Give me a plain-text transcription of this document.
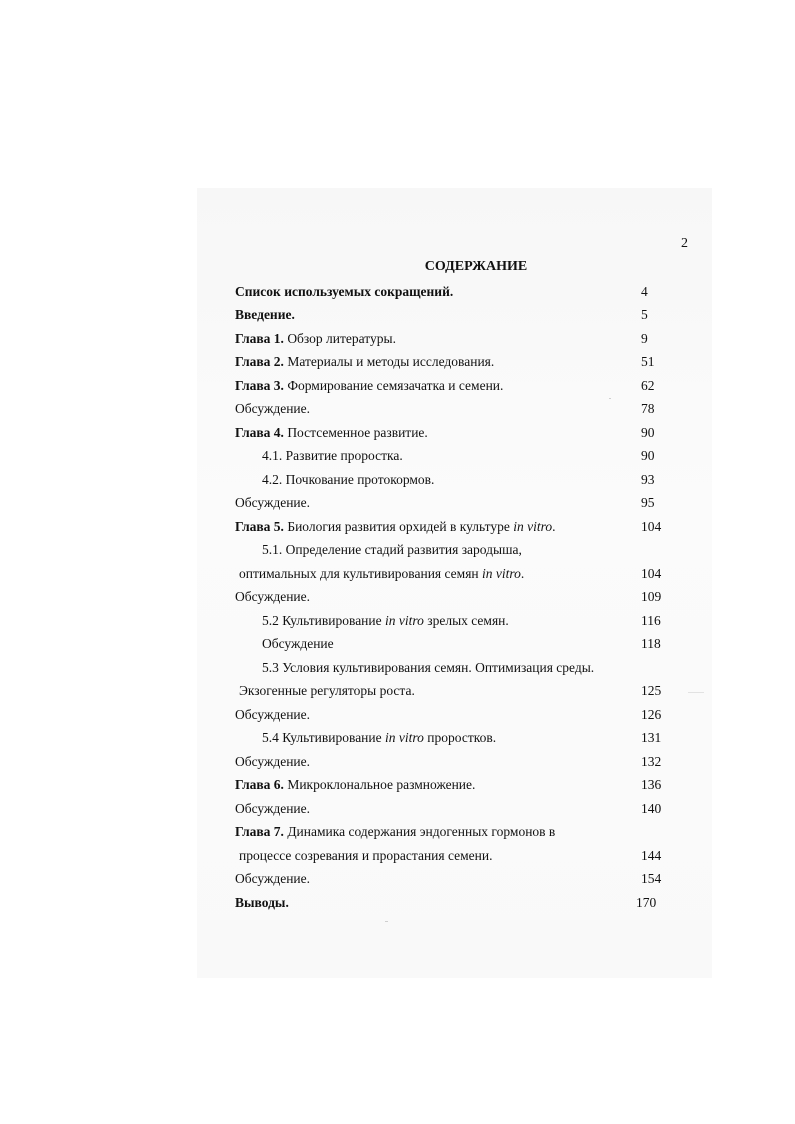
2
СОДЕРЖАНИЕ
Список используемых сокращений.	4
Введение.	5
Глава 1. Обзор литературы.	9
Глава 2. Материалы и методы исследования.	51
Глава 3. Формирование семязачатка и семени.	62
Обсуждение.	78
Глава 4. Постсеменное развитие.	90
4.1. Развитие проростка.	90
4.2. Почкование протокормов.	93
Обсуждение.	95
Глава 5. Биология развития орхидей в культуре in vitro.	104
5.1. Определение стадий развития зародыша,
оптимальных для культивирования семян in vitro.	104
Обсуждение.	109
5.2 Культивирование in vitro зрелых семян.	116
Обсуждение	118
5.3 Условия культивирования семян. Оптимизация среды.
Экзогенные регуляторы роста.	125
Обсуждение.	126
5.4 Культивирование in vitro проростков.	131
Обсуждение.	132
Глава 6. Микроклональное размножение.	136
Обсуждение.	140
Глава 7. Динамика содержания эндогенных гормонов в
процессе созревания и прорастания семени.	144
Обсуждение.	154
Выводы.	170
